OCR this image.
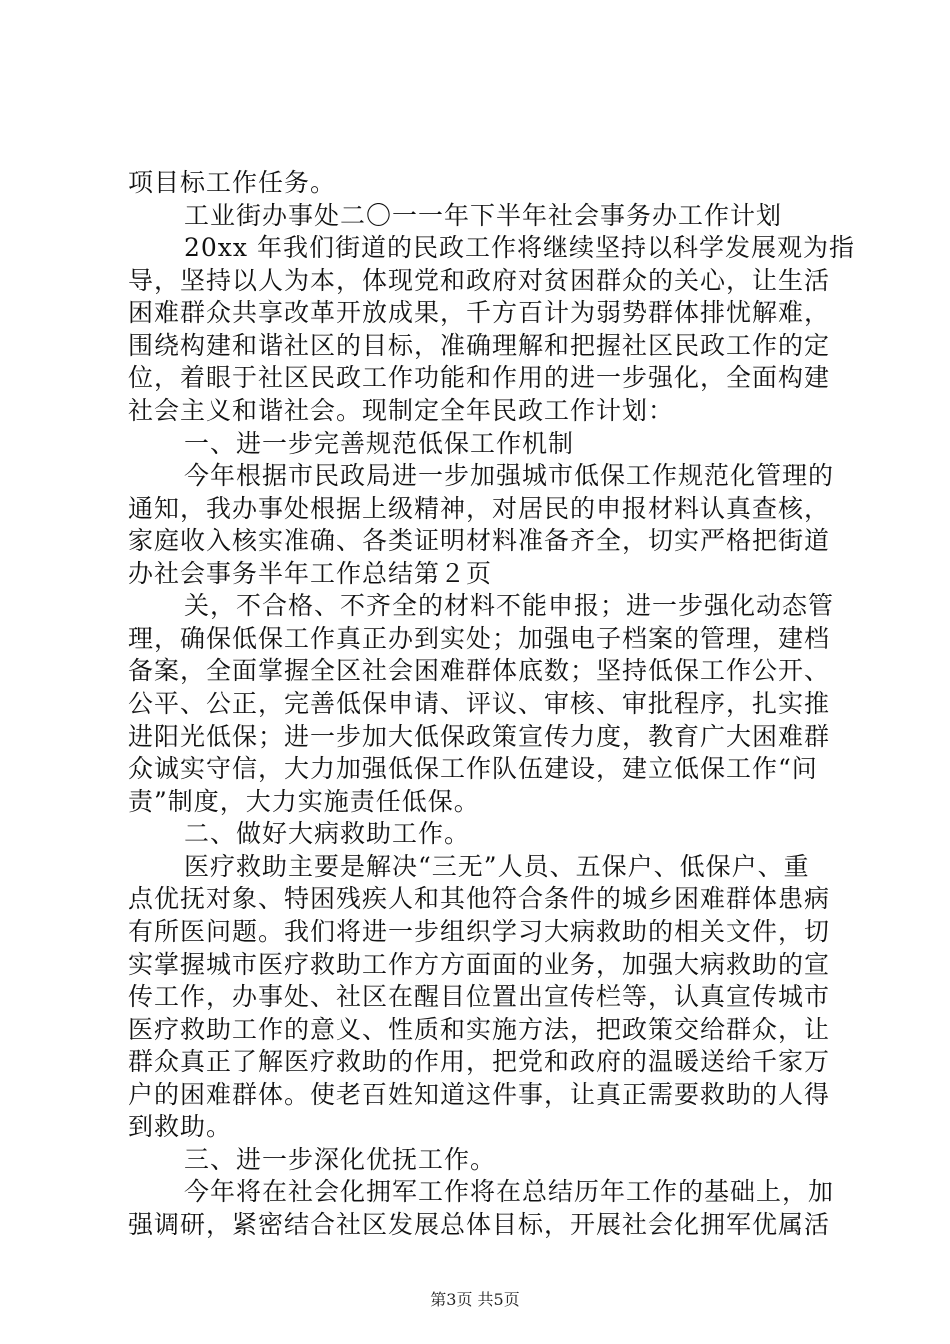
项目标工作任务。
工业街办事处二〇一一年下半年社会事务办工作计划
20xx 年我们街道的民政工作将继续坚持以科学发展观为指
导，坚持以人为本，体现党和政府对贫困群众的关心，让生活
困难群众共享改革开放成果，千方百计为弱势群体排忧解难，
围绕构建和谐社区的目标，准确理解和把握社区民政工作的定
位，着眼于社区民政工作功能和作用的进一步强化，全面构建
社会主义和谐社会。现制定全年民政工作计划：
一、进一步完善规范低保工作机制
今年根据市民政局进一步加强城市低保工作规范化管理的
通知，我办事处根据上级精神，对居民的申报材料认真查核，
家庭收入核实准确、各类证明材料准备齐全，切实严格把街道
办社会事务半年工作总结第２页
关，不合格、不齐全的材料不能申报；进一步强化动态管
理，确保低保工作真正办到实处；加强电子档案的管理，建档
备案，全面掌握全区社会困难群体底数；坚持低保工作公开、
公平、公正，完善低保申请、评议、审核、审批程序，扎实推
进阳光低保；进一步加大低保政策宣传力度，教育广大困难群
众诚实守信，大力加强低保工作队伍建设，建立低保工作“问
责”制度，大力实施责任低保。
二、做好大病救助工作。
医疗救助主要是解决“三无”人员、五保户、低保户、重
点优抚对象、特困残疾人和其他符合条件的城乡困难群体患病
有所医问题。我们将进一步组织学习大病救助的相关文件，切
实掌握城市医疗救助工作方方面面的业务，加强大病救助的宣
传工作，办事处、社区在醒目位置出宣传栏等，认真宣传城市
医疗救助工作的意义、性质和实施方法，把政策交给群众，让
群众真正了解医疗救助的作用，把党和政府的温暖送给千家万
户的困难群体。使老百姓知道这件事，让真正需要救助的人得
到救助。
第3页 共5页
三、进一步深化优抚工作。
今年将在社会化拥军工作将在总结历年工作的基础上，加
强调研，紧密结合社区发展总体目标，开展社会化拥军优属活
